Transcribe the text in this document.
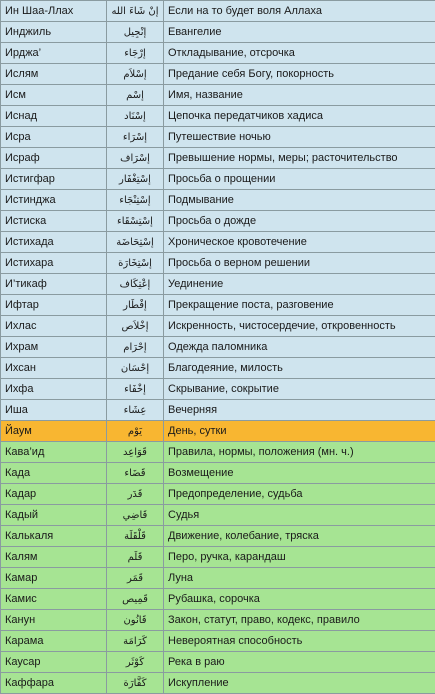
Ин Шаа-Ллах	إنْ شَاءَ الله	Если на то будет воля Аллаха
Инджиль	إنْجِيل	Евангелие
Ирджа’	إرْجَاء	Откладывание, отсрочка
Ислям	إسْلاَم	Предание себя Богу, покорность
Исм	إسْم	Имя, название
Иснад	إسْنَاد	Цепочка передатчиков хадиса
Исра	إسْرَاء	Путешествие ночью
Исраф	إسْرَاف	Превышение нормы, меры; расточительство
Истигфар	إسْتِغْفَار	Просьба о прощении
Истинджа	إسْتِنْجَاء	Подмывание
Истиска	إسْتِسْقَاء	Просьба о дожде
Истихада	إسْتِحَاضَة	Хроническое кровотечение
Истихара	إسْتِخَارَة	Просьба о верном решении
И’тикаф	إعْتِكَاف	Уединение
Ифтар	إفْطَار	Прекращение поста, разговение
Ихлас	إخْلاَص	Искренность, чистосердечие, откровенность
Ихрам	إحْرَام	Одежда паломника
Ихсан	إحْسَان	Благодеяние, милость
Ихфа	إخْفَاء	Скрывание, сокрытие
Иша	عِشَاء	Вечерняя
Йаум	يَوْم	День, сутки
Кава’ид	قَوَاعِد	Правила, нормы, положения (мн. ч.)
Када	قَضَاء	Возмещение
Кадар	قَدَر	Предопределение, судьба
Кадый	قَاضِي	Судья
Калькаля	قَلْقَلَة	Движение, колебание, тряска
Калям	قَلَم	Перо, ручка, карандаш
Камар	قَمَر	Луна
Камис	قَمِيص	Рубашка, сорочка
Канун	قَانُون	Закон, статут, право, кодекс, правило
Карама	كَرَامَة	Невероятная способность
Каусар	كَوْثَر	Река в раю
Каффара	كَفَّارَة	Искупление
